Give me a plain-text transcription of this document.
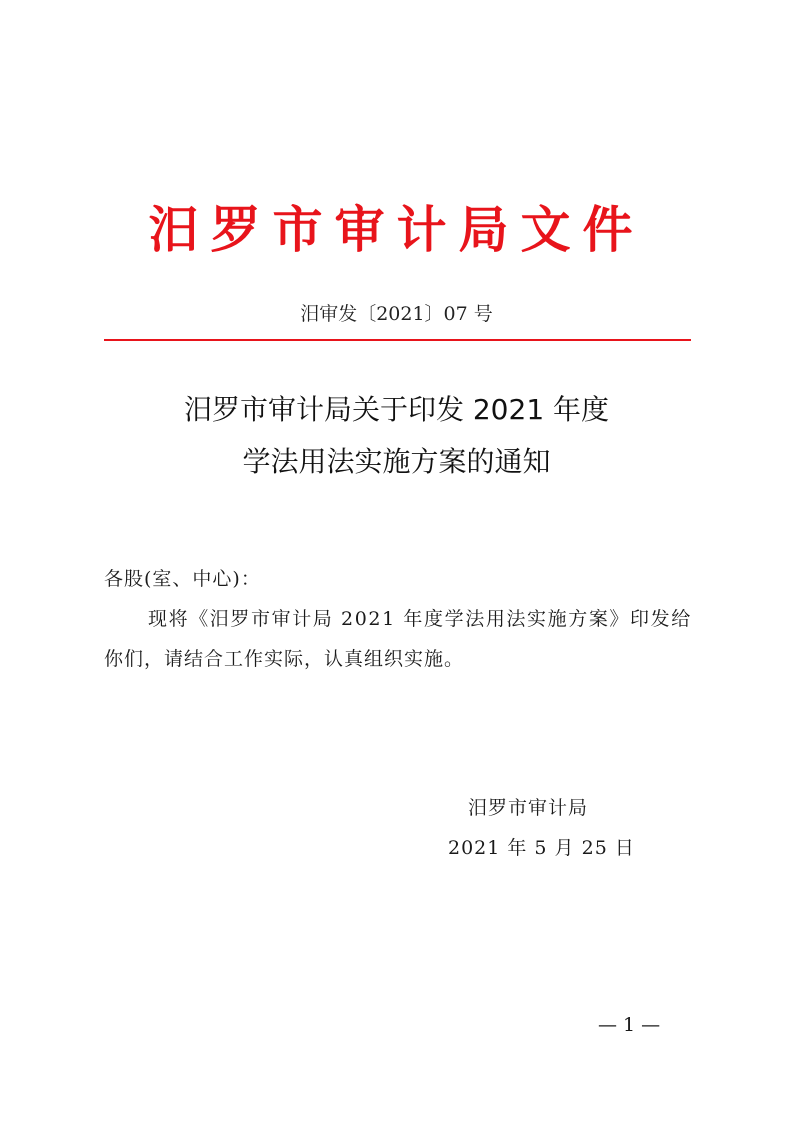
汨罗市审计局文件
汨审发〔2021〕07 号
汨罗市审计局关于印发 2021 年度
学法用法实施方案的通知
各股(室、中心)：
现将《汨罗市审计局 2021 年度学法用法实施方案》印发给
你们，请结合工作实际，认真组织实施。
汨罗市审计局
2021 年 5 月 25 日
— 1 —
